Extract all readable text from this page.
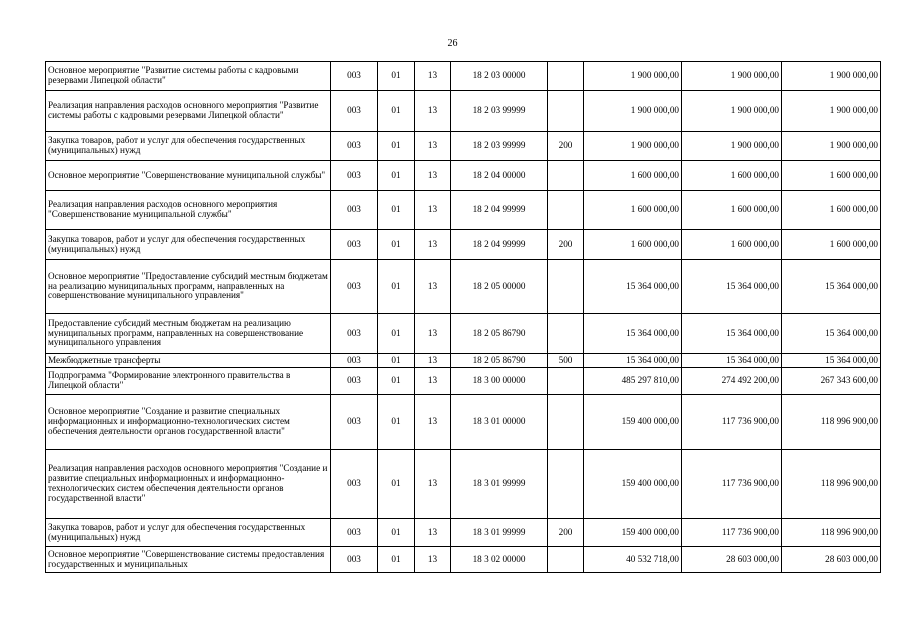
26
Основное мероприятие "Развитие системы работы с кадровыми резервами Липецкой области"	003	01	13	18 2 03 00000		1 900 000,00	1 900 000,00	1 900 000,00
Реализация направления расходов основного мероприятия "Развитие системы работы с кадровыми резервами Липецкой области"	003	01	13	18 2 03 99999		1 900 000,00	1 900 000,00	1 900 000,00
Закупка товаров, работ и услуг для обеспечения государственных (муниципальных) нужд	003	01	13	18 2 03 99999	200	1 900 000,00	1 900 000,00	1 900 000,00
Основное мероприятие "Совершенствование муниципальной службы"	003	01	13	18 2 04 00000		1 600 000,00	1 600 000,00	1 600 000,00
Реализация направления расходов основного мероприятия "Совершенствование муниципальной службы"	003	01	13	18 2 04 99999		1 600 000,00	1 600 000,00	1 600 000,00
Закупка товаров, работ и услуг для обеспечения государственных (муниципальных) нужд	003	01	13	18 2 04 99999	200	1 600 000,00	1 600 000,00	1 600 000,00
Основное мероприятие "Предоставление субсидий местным бюджетам на реализацию муниципальных программ, направленных на совершенствование муниципального управления"	003	01	13	18 2 05 00000		15 364 000,00	15 364 000,00	15 364 000,00
Предоставление субсидий местным бюджетам на реализацию муниципальных программ, направленных на совершенствование муниципального управления	003	01	13	18 2 05 86790		15 364 000,00	15 364 000,00	15 364 000,00
Межбюджетные трансферты	003	01	13	18 2 05 86790	500	15 364 000,00	15 364 000,00	15 364 000,00
Подпрограмма "Формирование электронного правительства в Липецкой области"	003	01	13	18 3 00 00000		485 297 810,00	274 492 200,00	267 343 600,00
Основное мероприятие "Создание и развитие специальных информационных и информационно-технологических систем обеспечения деятельности органов государственной власти"	003	01	13	18 3 01 00000		159 400 000,00	117 736 900,00	118 996 900,00
Реализация направления расходов основного мероприятия "Создание и развитие специальных информационных и информационно-технологических систем обеспечения деятельности органов государственной власти"	003	01	13	18 3 01 99999		159 400 000,00	117 736 900,00	118 996 900,00
Закупка товаров, работ и услуг для обеспечения государственных (муниципальных) нужд	003	01	13	18 3 01 99999	200	159 400 000,00	117 736 900,00	118 996 900,00
Основное мероприятие "Совершенствование системы предоставления государственных и муниципальных	003	01	13	18 3 02 00000		40 532 718,00	28 603 000,00	28 603 000,00
